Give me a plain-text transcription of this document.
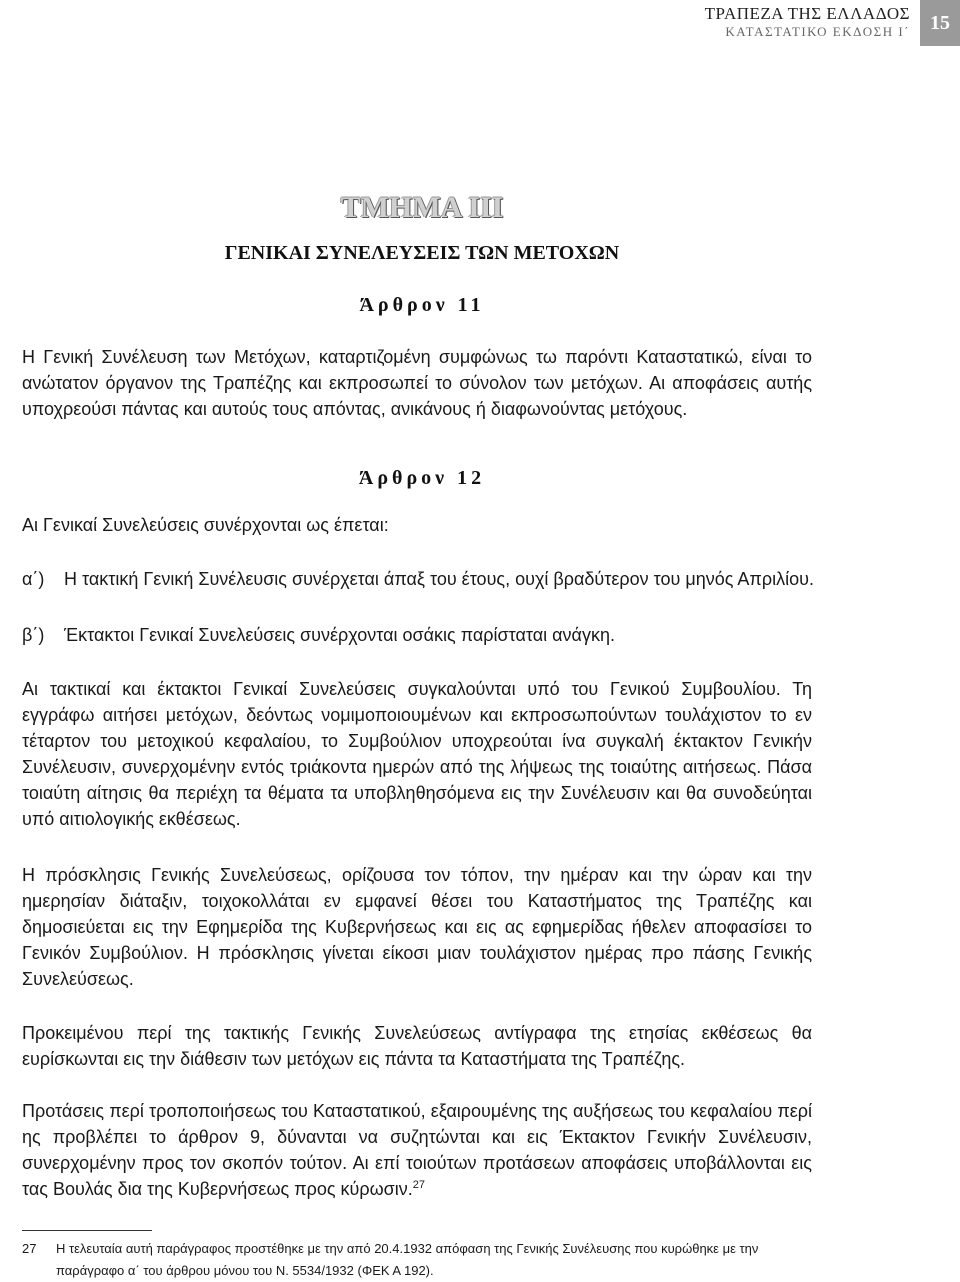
ΤΡΑΠΕΖΑ ΤΗΣ ΕΛΛΑΔΟΣ
ΚΑΤΑΣΤΑΤΙΚΟ ΕΚΔΟΣΗ Ι΄	15
ΤΜΗΜΑ ΙΙΙ
ΓΕΝΙΚΑΙ ΣΥΝΕΛΕΥΣΕΙΣ ΤΩΝ ΜΕΤΟΧΩΝ
Άρθρον 11

Η Γενική Συνέλευση των Μετόχων, καταρτιζομένη συμφώνως τω παρόντι Καταστατικώ, είναι το ανώτατον όργανον της Τραπέζης και εκπροσωπεί το σύνολον των μετόχων. Αι αποφάσεις αυτής υποχρεούσι πάντας και αυτούς τους απόντας, ανικάνους ή διαφωνούντας μετόχους.

Άρθρον 12

Αι Γενικαί Συνελεύσεις συνέρχονται ως έπεται:

α΄) Η τακτική Γενική Συνέλευσις συνέρχεται άπαξ του έτους, ουχί βραδύτερον του μηνός Απριλίου.

β΄) Έκτακτοι Γενικαί Συνελεύσεις συνέρχονται οσάκις παρίσταται ανάγκη.

Αι τακτικαί και έκτακτοι Γενικαί Συνελεύσεις συγκαλούνται υπό του Γενικού Συμβουλίου. Τη εγγράφω αιτήσει μετόχων, δεόντως νομιμοποιουμένων και εκπροσωπούντων τουλάχιστον το εν τέταρτον του μετοχικού κεφαλαίου, το Συμβούλιον υποχρεούται ίνα συγκαλή έκτακτον Γενικήν Συνέλευσιν, συνερχομένην εντός τριάκοντα ημερών από της λήψεως της τοιαύτης αιτήσεως. Πάσα τοιαύτη αίτησις θα περιέχη τα θέματα τα υποβληθησόμενα εις την Συνέλευσιν και θα συνοδεύηται υπό αιτιολογικής εκθέσεως.

Η πρόσκλησις Γενικής Συνελεύσεως, ορίζουσα τον τόπον, την ημέραν και την ώραν και την ημερησίαν διάταξιν, τοιχοκολλάται εν εμφανεί θέσει του Καταστήματος της Τραπέζης και δημοσιεύεται εις την Εφημερίδα της Κυβερνήσεως και εις ας εφημερίδας ήθελεν αποφασίσει το Γενικόν Συμβούλιον. Η πρόσκλησις γίνεται είκοσι μιαν τουλάχιστον ημέρας προ πάσης Γενικής Συνελεύσεως.

Προκειμένου περί της τακτικής Γενικής Συνελεύσεως αντίγραφα της ετησίας εκθέσεως θα ευρίσκωνται εις την διάθεσιν των μετόχων εις πάντα τα Καταστήματα της Τραπέζης.

Προτάσεις περί τροποποιήσεως του Καταστατικού, εξαιρουμένης της αυξήσεως του κεφαλαίου περί ης προβλέπει το άρθρον 9, δύνανται να συζητώνται και εις Έκτακτον Γενικήν Συνέλευσιν, συνερχομένην προς τον σκοπόν τούτον. Αι επί τοιούτων προτάσεων αποφάσεις υποβάλλονται εις τας Βουλάς δια της Κυβερνήσεως προς κύρωσιν.$^{27}$

27	Η τελευταία αυτή παράγραφος προστέθηκε με την από 20.4.1932 απόφαση της Γενικής Συνέλευσης που κυρώθηκε με την παράγραφο α΄ του άρθρου μόνου του Ν. 5534/1932 (ΦΕΚ Α 192).
